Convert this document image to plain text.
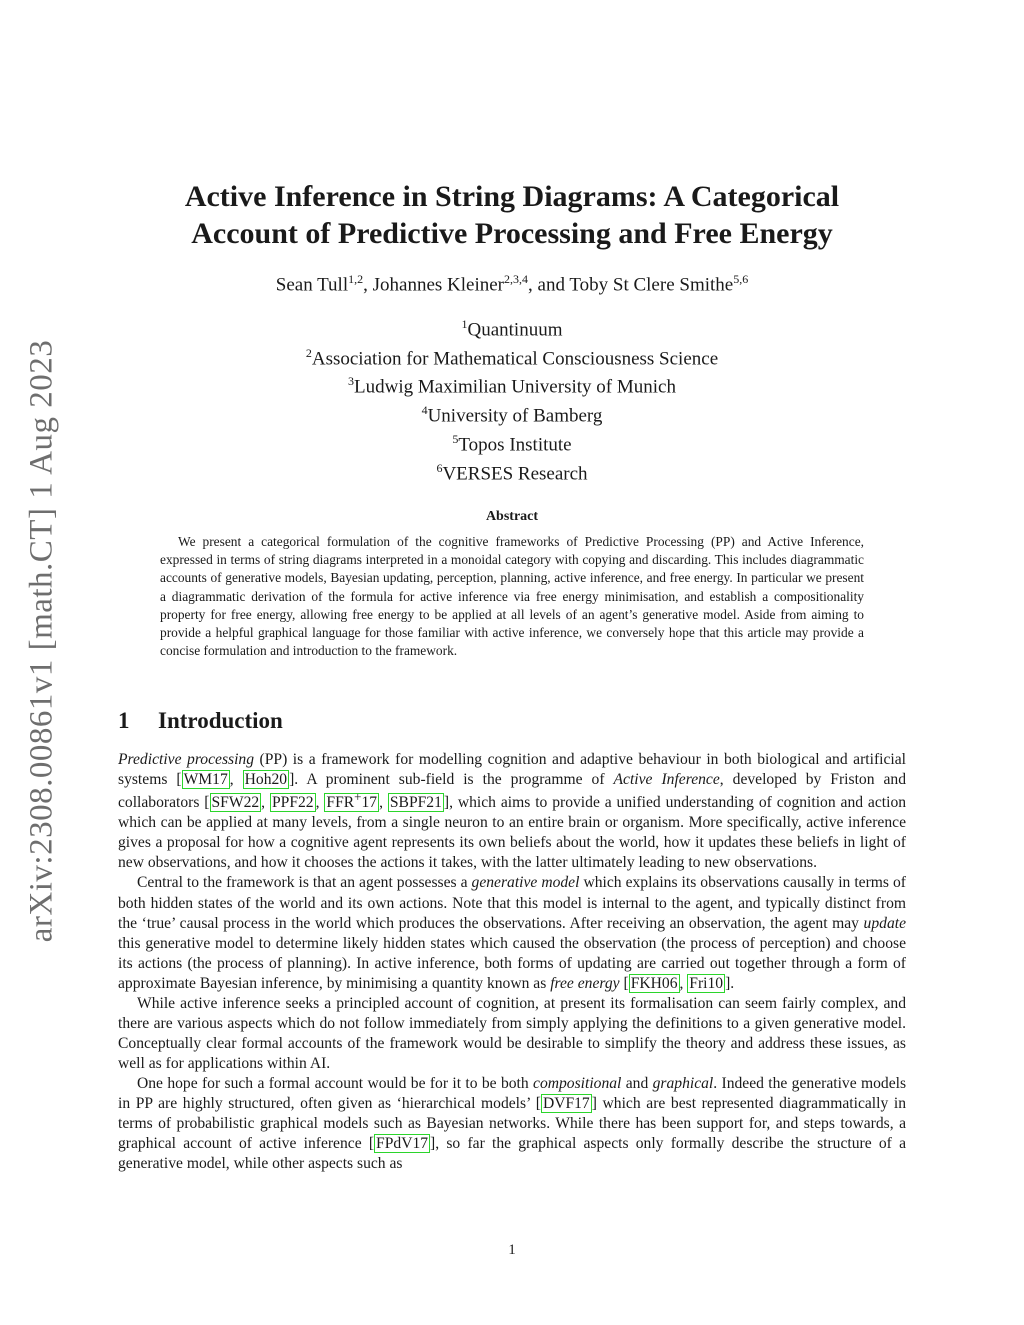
arXiv:2308.00861v1 [math.CT] 1 Aug 2023
Active Inference in String Diagrams: A Categorical
Account of Predictive Processing and Free Energy
Sean Tull$^{1,2}$, Johannes Kleiner$^{2,3,4}$, and Toby St Clere Smithe$^{5,6}$
$^1$Quantinuum
$^2$Association for Mathematical Consciousness Science
$^3$Ludwig Maximilian University of Munich
$^4$University of Bamberg
$^5$Topos Institute
$^6$VERSES Research
Abstract

We present a categorical formulation of the cognitive frameworks of Predictive Processing (PP) and Active Inference, expressed in terms of string diagrams interpreted in a monoidal category with copying and discarding. This includes diagrammatic accounts of generative models, Bayesian updating, perception, planning, active inference, and free energy. In particular we present a diagrammatic derivation of the formula for active inference via free energy minimisation, and establish a compositionality property for free energy, allowing free energy to be applied at all levels of an agent’s generative model. Aside from aiming to provide a helpful graphical language for those familiar with active inference, we conversely hope that this article may provide a concise formulation and introduction to the framework.

1 Introduction

Predictive processing (PP) is a framework for modelling cognition and adaptive behaviour in both biological and artificial systems [ WM17 , Hoh20 ]. A prominent sub-field is the programme of Active Inference, developed by Friston and collaborators [ SFW22 , PPF22 , FFR+17 , SBPF21 ], which aims to provide a unified understanding of cognition and action which can be applied at many levels, from a single neuron to an entire brain or organism. More specifically, active inference gives a proposal for how a cognitive agent represents its own beliefs about the world, how it updates these beliefs in light of new observations, and how it chooses the actions it takes, with the latter ultimately leading to new observations.

Central to the framework is that an agent possesses a generative model which explains its observations causally in terms of both hidden states of the world and its own actions. Note that this model is internal to the agent, and typically distinct from the ‘true’ causal process in the world which produces the observations. After receiving an observation, the agent may update this generative model to determine likely hidden states which caused the observation (the process of perception) and choose its actions (the process of planning). In active inference, both forms of updating are carried out together through a form of approximate Bayesian inference, by minimising a quantity known as free energy [ FKH06 , Fri10 ].

While active inference seeks a principled account of cognition, at present its formalisation can seem fairly complex, and there are various aspects which do not follow immediately from simply applying the definitions to a given generative model. Conceptually clear formal accounts of the framework would be desirable to simplify the theory and address these issues, as well as for applications within AI.

One hope for such a formal account would be for it to be both compositional and graphical. Indeed the generative models in PP are highly structured, often given as ‘hierarchical models’ [ DVF17 ] which are best represented diagrammatically in terms of probabilistic graphical models such as Bayesian networks. While there has been support for, and steps towards, a graphical account of active inference [ FPdV17 ], so far the graphical aspects only formally describe the structure of a generative model, while other aspects such as

1
